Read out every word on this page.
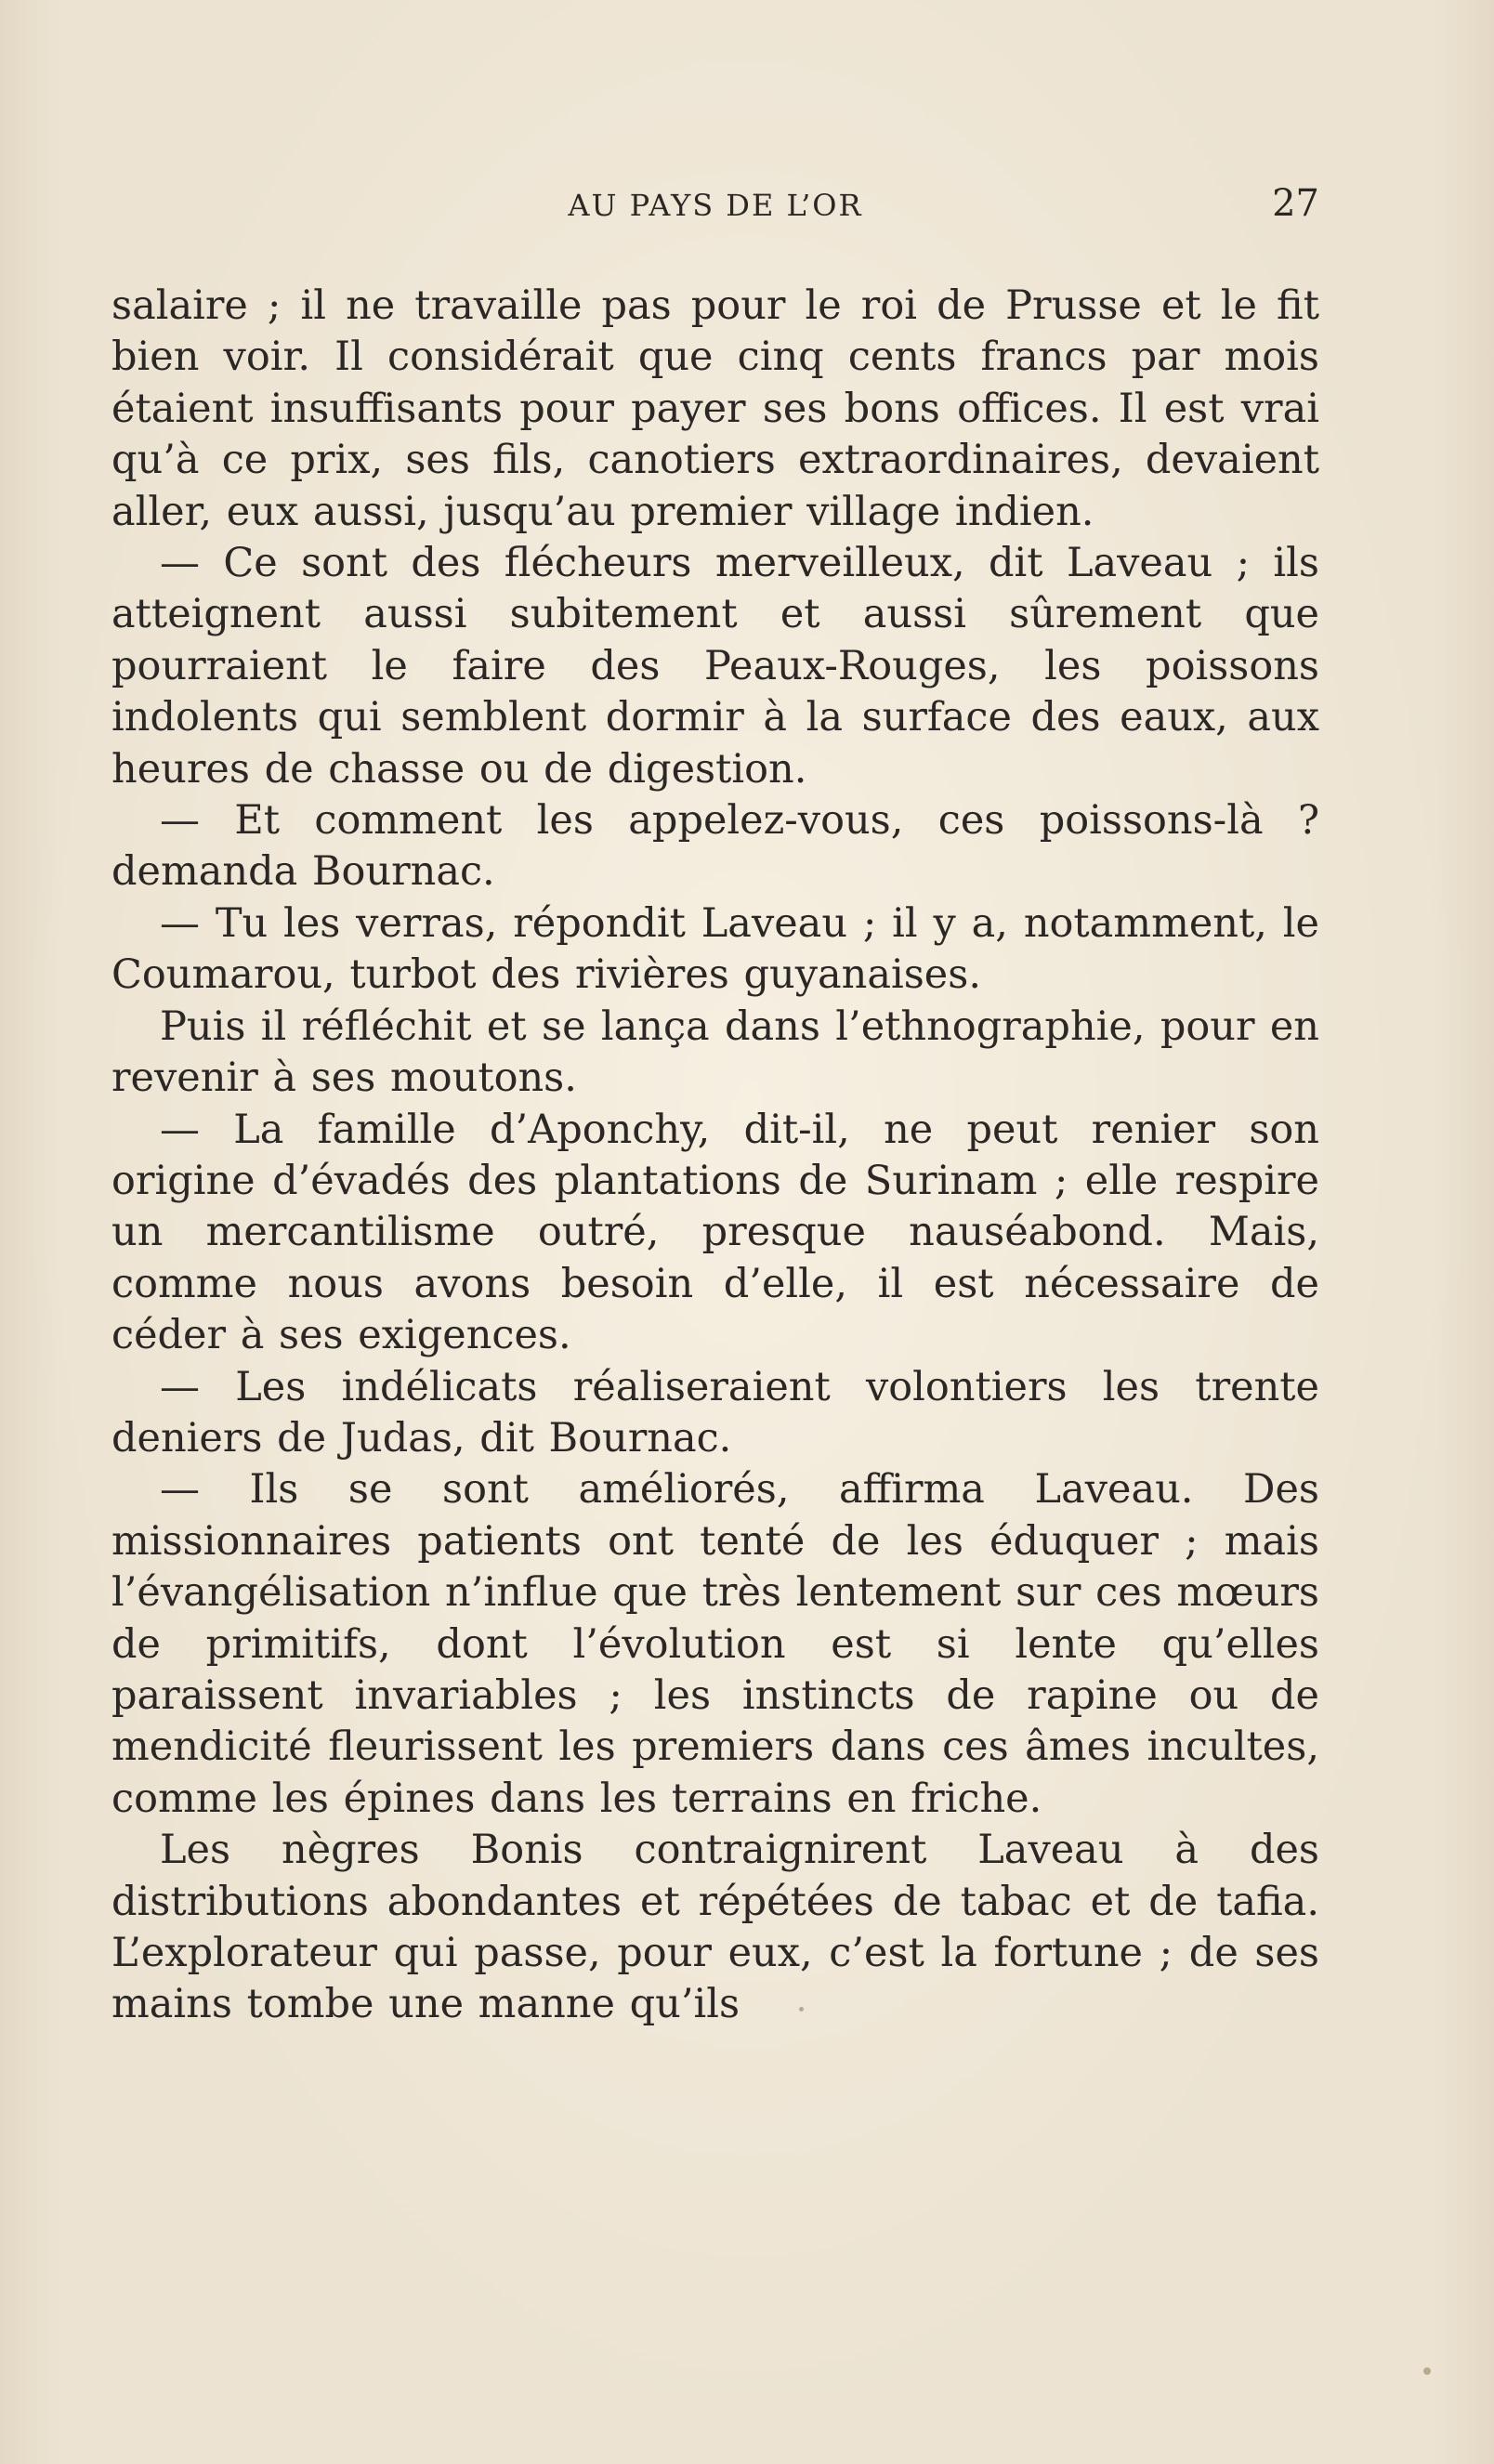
AU PAYS DE L’OR	27

salaire ; il ne travaille pas pour le roi de Prusse et le fit bien voir. Il considérait que cinq cents francs par mois étaient insuffisants pour payer ses bons offices. Il est vrai qu’à ce prix, ses fils, canotiers extraordinaires, devaient aller, eux aussi, jusqu’au premier village indien.

— Ce sont des flécheurs merveilleux, dit Laveau ; ils atteignent aussi subitement et aussi sûrement que pourraient le faire des Peaux-Rouges, les poissons indolents qui semblent dormir à la surface des eaux, aux heures de chasse ou de digestion.

— Et comment les appelez-vous, ces poissons-là ? demanda Bournac.

— Tu les verras, répondit Laveau ; il y a, notamment, le Coumarou, turbot des rivières guyanaises.

Puis il réfléchit et se lança dans l’ethnographie, pour en revenir à ses moutons.

— La famille d’Aponchy, dit-il, ne peut renier son origine d’évadés des plantations de Surinam ; elle respire un mercantilisme outré, presque nauséabond. Mais, comme nous avons besoin d’elle, il est nécessaire de céder à ses exigences.

— Les indélicats réaliseraient volontiers les trente deniers de Judas, dit Bournac.

— Ils se sont améliorés, affirma Laveau. Des missionnaires patients ont tenté de les éduquer ; mais l’évangélisation n’influe que très lentement sur ces mœurs de primitifs, dont l’évolution est si lente qu’elles paraissent invariables ; les instincts de rapine ou de mendicité fleurissent les premiers dans ces âmes incultes, comme les épines dans les terrains en friche.

Les nègres Bonis contraignirent Laveau à des distributions abondantes et répétées de tabac et de tafia. L’explorateur qui passe, pour eux, c’est la fortune ; de ses mains tombe une manne qu’ils
